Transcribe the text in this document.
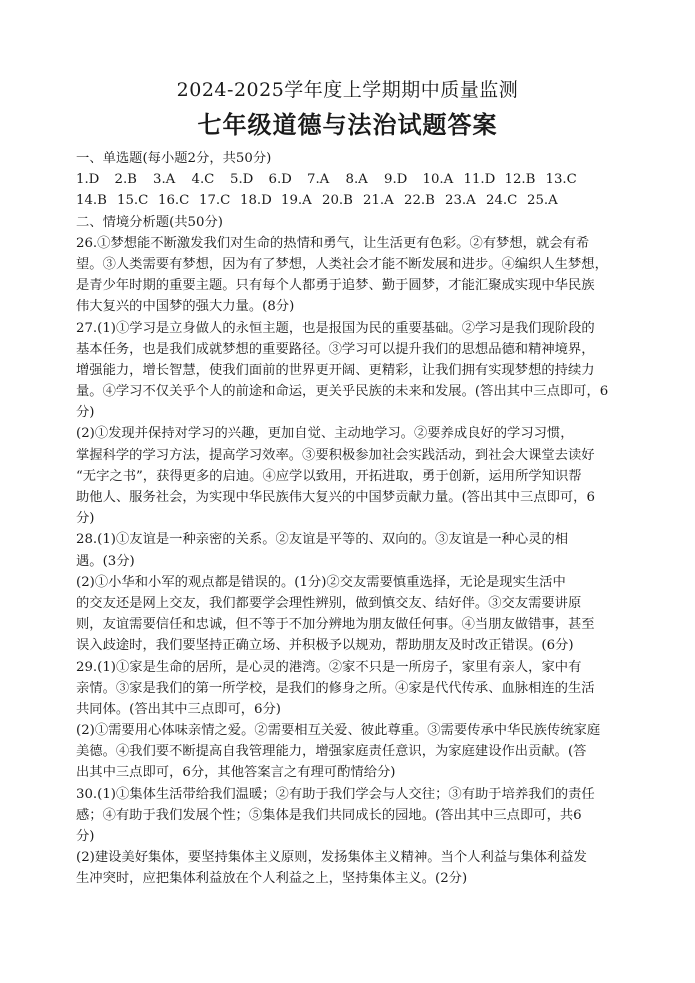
2024-2025学年度上学期期中质量监测
七年级道德与法治试题答案
一、单选题(每小题2分，共50分)
1.D	2.B	3.A	4.C	5.D	6.D	7.A	8.A	9.D	10.A 11.D 12.B 13.C
14.B 15.C 16.C 17.C 18.D 19.A 20.B 21.A 22.B 23.A 24.C 25.A
二、情境分析题(共50分)
26.①梦想能不断激发我们对生命的热情和勇气，让生活更有色彩。②有梦想，就会有希
望。③人类需要有梦想，因为有了梦想，人类社会才能不断发展和进步。④编织人生梦想，
是青少年时期的重要主题。只有每个人都勇于追梦、勤于圆梦，才能汇聚成实现中华民族
伟大复兴的中国梦的强大力量。(8分)
27.(1)①学习是立身做人的永恒主题，也是报国为民的重要基础。②学习是我们现阶段的
基本任务，也是我们成就梦想的重要路径。③学习可以提升我们的思想品德和精神境界，
增强能力，增长智慧，使我们面前的世界更开阔、更精彩，让我们拥有实现梦想的持续力
量。④学习不仅关乎个人的前途和命运，更关乎民族的未来和发展。(答出其中三点即可，6
分)
(2)①发现并保持对学习的兴趣，更加自觉、主动地学习。②要养成良好的学习习惯，
掌握科学的学习方法，提高学习效率。③要积极参加社会实践活动，到社会大课堂去读好
“无字之书”，获得更多的启迪。④应学以致用，开拓进取，勇于创新，运用所学知识帮
助他人、服务社会，为实现中华民族伟大复兴的中国梦贡献力量。(答出其中三点即可，6
分)
28.(1)①友谊是一种亲密的关系。②友谊是平等的、双向的。③友谊是一种心灵的相
遇。(3分)
(2)①小华和小军的观点都是错误的。(1分)②交友需要慎重选择，无论是现实生活中
的交友还是网上交友，我们都要学会理性辨别，做到慎交友、结好伴。③交友需要讲原
则，友谊需要信任和忠诚，但不等于不加分辨地为朋友做任何事。④当朋友做错事，甚至
误入歧途时，我们要坚持正确立场、并积极予以规劝，帮助朋友及时改正错误。(6分)
29.(1)①家是生命的居所，是心灵的港湾。②家不只是一所房子，家里有亲人，家中有
亲情。③家是我们的第一所学校，是我们的修身之所。④家是代代传承、血脉相连的生活
共同体。(答出其中三点即可，6分)
(2)①需要用心体味亲情之爱。②需要相互关爱、彼此尊重。③需要传承中华民族传统家庭
美德。④我们要不断提高自我管理能力，增强家庭责任意识，为家庭建设作出贡献。(答
出其中三点即可，6分，其他答案言之有理可酌情给分)
30.(1)①集体生活带给我们温暖；②有助于我们学会与人交往；③有助于培养我们的责任
感；④有助于我们发展个性；⑤集体是我们共同成长的园地。(答出其中三点即可，共6
分)
(2)建设美好集体，要坚持集体主义原则，发扬集体主义精神。当个人利益与集体利益发
生冲突时，应把集体利益放在个人利益之上，坚持集体主义。(2分)
